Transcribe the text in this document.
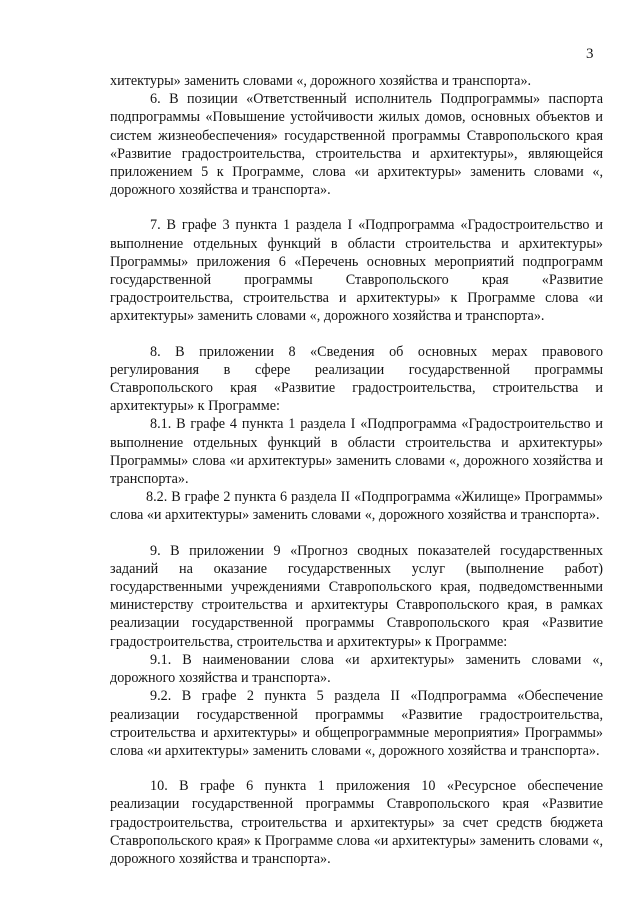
3

хитектуры» заменить словами «, дорожного хозяйства и транспорта».

6. В позиции «Ответственный исполнитель Подпрограммы» паспорта подпрограммы «Повышение устойчивости жилых домов, основных объектов и систем жизнеобеспечения» государственной программы Ставропольского края «Развитие градостроительства, строительства и архитектуры», являющейся приложением 5 к Программе, слова «и архитектуры» заменить словами «, дорожного хозяйства и транспорта».

7. В графе 3 пункта 1 раздела I «Подпрограмма «Градостроительство и выполнение отдельных функций в области строительства и архитектуры» Программы» приложения 6 «Перечень основных мероприятий подпрограмм государственной программы Ставропольского края «Развитие градостроительства, строительства и архитектуры» к Программе слова «и архитектуры» заменить словами «, дорожного хозяйства и транспорта».

8. В приложении 8 «Сведения об основных мерах правового регулирования в сфере реализации государственной программы Ставропольского края «Развитие градостроительства, строительства и архитектуры» к Программе:

8.1. В графе 4 пункта 1 раздела I «Подпрограмма «Градостроительство и выполнение отдельных функций в области строительства и архитектуры» Программы» слова «и архитектуры» заменить словами «, дорожного хозяйства и транспорта».

8.2. В графе 2 пункта 6 раздела II «Подпрограмма «Жилище» Программы» слова «и архитектуры» заменить словами «, дорожного хозяйства и транспорта».

9. В приложении 9 «Прогноз сводных показателей государственных заданий на оказание государственных услуг (выполнение работ) государственными учреждениями Ставропольского края, подведомственными министерству строительства и архитектуры Ставропольского края, в рамках реализации государственной программы Ставропольского края «Развитие градостроительства, строительства и архитектуры» к Программе:

9.1. В наименовании слова «и архитектуры» заменить словами «, дорожного хозяйства и транспорта».

9.2. В графе 2 пункта 5 раздела II «Подпрограмма «Обеспечение реализации государственной программы «Развитие градостроительства, строительства и архитектуры» и общепрограммные мероприятия» Программы» слова «и архитектуры» заменить словами «, дорожного хозяйства и транспорта».

10. В графе 6 пункта 1 приложения 10 «Ресурсное обеспечение реализации государственной программы Ставропольского края «Развитие градостроительства, строительства и архитектуры» за счет средств бюджета Ставропольского края» к Программе слова «и архитектуры» заменить словами «, дорожного хозяйства и транспорта».
